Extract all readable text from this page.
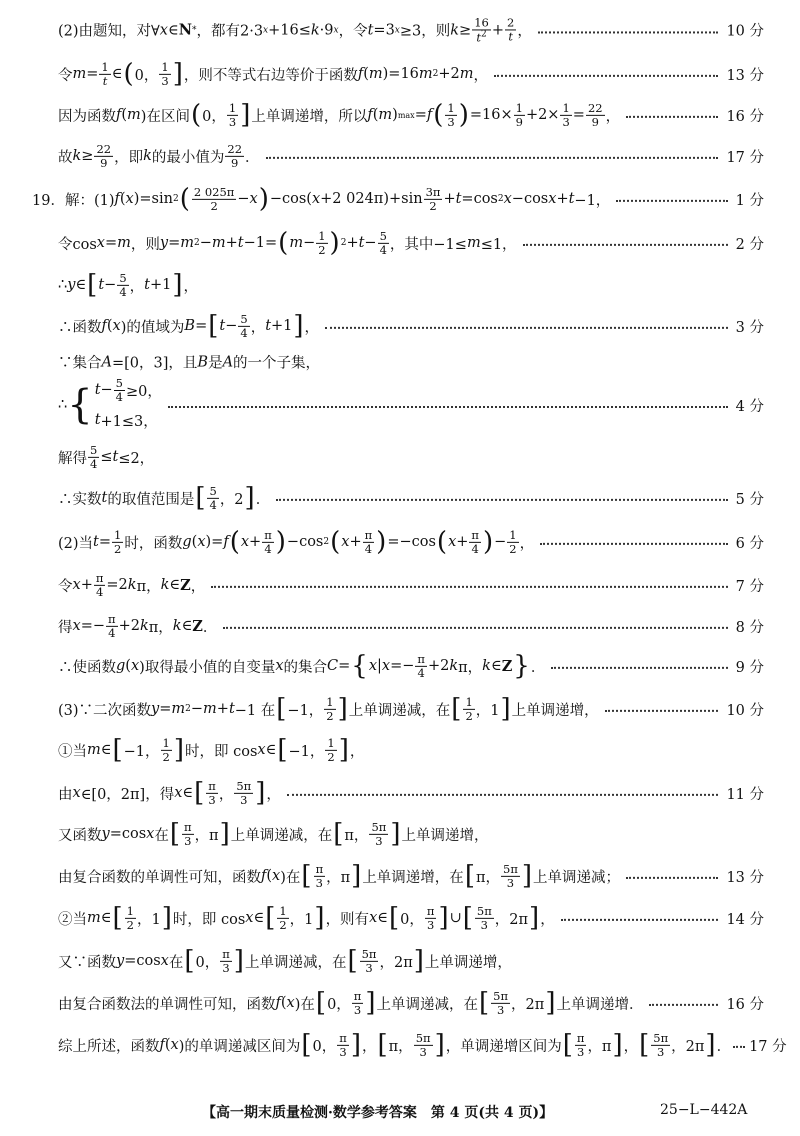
(2)由题知，对∀ x ∈ N * ，都有2·3 x +16≤ k ·9 x ，令 t =3 x ≥3，则 k ≥ 16
$t^2 + 2$
t ，	10 分
令 m = 1
t ∈ ( 0，
1
3 ] ，则不等式右边等价于函数 f ( m )=16 m 2 +2 m ，	13 分
因为函数 f ( m )在区间 ( 0，
1
3 ] 上单调递增，所以 f ( m ) max = f ( 1
3 ) =16× 1
9 +2× 1
3 = 22
9 ，	16 分
故 k ≥ 22
9 ，即 k 的最小值为
22
9 ．	17 分
19．解：(1) f ( x )=sin 2 ( 2 025π
2 − x ) −cos( x +2 024π)+sin 3π
2 + t =cos 2 x −cos x + t −1，	1 分
令cos x = m ，则 y = m 2 − m + t −1= ( m − 1
2 ) 2 + t − 5
4 ，其中−1≤ m ≤1，	2 分
∴ y ∈ [ t − 5
4 ， t +1 ] ，
∴函数 f ( x )的值域为 B = [ t − 5
4 ， t +1 ] ，	3 分
∵集合 A =[0，3]，且 B 是 A 的一个子集，
∴ { t − 5
4 ≥0，
t +1≤3，
4 分
解得
5
4 ≤ t ≤2，
∴实数 t 的取值范围是 [ 5
4 ，2 ] ．	5 分
(2)当 t = 1
2 时，函数 g ( x )= f ( x + π
4 ) −cos 2 ( x + π
4 ) =−cos ( x + π
4 ) − 1
2 ，	6 分
令 x + π
4 =2 k π， k ∈ Z ，	7 分
得 x =− π
4 +2 k π， k ∈ Z ．	8 分
∴使函数 g ( x )取得最小值的自变量 x 的集合 C = { x | x =− π
4 +2 k π， k ∈ Z } ．	9 分
(3)∵二次函数 y = m 2 − m + t −1 在 [ −1，
1
2 ] 上单调递减，在 [ 1
2 ，1 ] 上单调递增，	10 分
①当 m ∈ [ −1，
1
2 ] 时，即 cos x ∈ [ −1，
1
2 ] ，
由 x ∈[0，2π]，得 x ∈ [ π
3 ，
5π
3 ] ，	11 分
又函数 y =cos x 在 [ π
3 ，π ] 上单调递减，在 [ π，
5π
3 ] 上单调递增，
由复合函数的单调性可知，函数 f ( x )在 [ π
3 ，π ] 上单调递增，在 [ π，
5π
3 ] 上单调递减；	13 分
②当 m ∈ [ 1
2 ，1 ] 时，即 cos x ∈ [ 1
2 ，1 ] ，则有 x ∈ [ 0，
π
3 ] ∪ [ 5π
3 ，2π ] ，	14 分
又∵函数 y =cos x 在 [ 0，
π
3 ] 上单调递减，在 [ 5π
3 ，2π ] 上单调递增，
由复合函数法的单调性可知，函数 f ( x )在 [ 0，
π
3 ] 上单调递减，在 [ 5π
3 ，2π ] 上单调递增．	16 分
综上所述，函数 f ( x )的单调递减区间为 [ 0，
π
3 ] ， [ π，
5π
3 ] ，单调递增区间为 [ π
3 ，π ] ， [ 5π
3 ，2π ] ． 17 分
【高一期末质量检测·数学参考答案　第 4 页(共 4 页)】	25−L−442A
